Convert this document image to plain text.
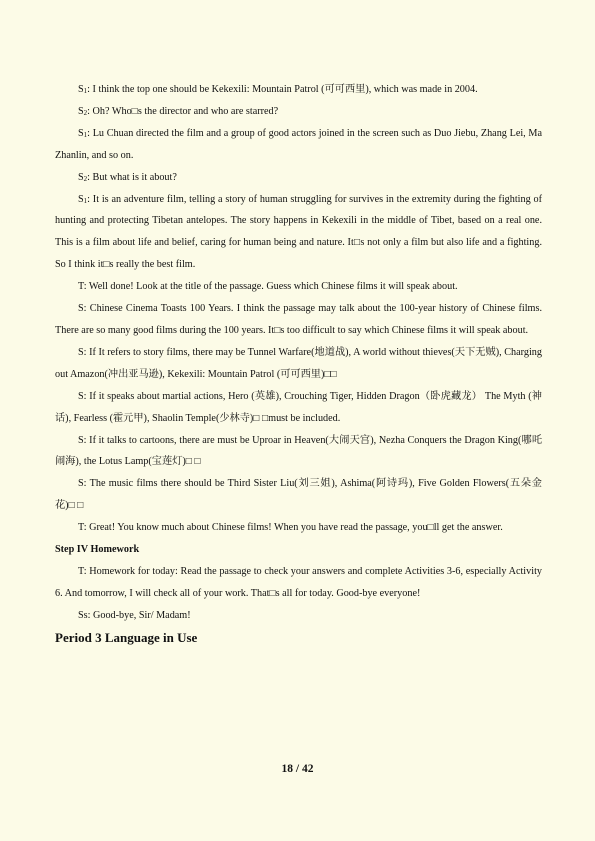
$S_1$: I think the top one should be Kekexili: Mountain Patrol (可可西里), which was made in 2004.

$S_2$: Oh? Who□s the director and who are starred?

$S_1$: Lu Chuan directed the film and a group of good actors joined in the screen such as Duo Jiebu, Zhang Lei, Ma Zhanlin, and so on.

$S_2$: But what is it about?

$S_1$: It is an adventure film, telling a story of human struggling for survives in the extremity during the fighting of hunting and protecting Tibetan antelopes. The story happens in Kekexili in the middle of Tibet, based on a real one. This is a film about life and belief, caring for human being and nature. It□s not only a film but also life and a fighting. So I think it□s really the best film.

T: Well done! Look at the title of the passage. Guess which Chinese films it will speak about.

S: Chinese Cinema Toasts 100 Years. I think the passage may talk about the 100-year history of Chinese films. There are so many good films during the 100 years. It□s too difficult to say which Chinese films it will speak about.

S: If It refers to story films, there may be Tunnel Warfare(地道战), A world without thieves(天下无贼), Charging out Amazon(冲出亚马逊), Kekexili: Mountain Patrol (可可西里)□□

S: If it speaks about martial actions, Hero (英雄), Crouching Tiger, Hidden Dragon（卧虎藏龙） The Myth (神话), Fearless (霍元甲), Shaolin Temple(少林寺)□ □must be included.

S: If it talks to cartoons, there are must be Uproar in Heaven(大闹天宫), Nezha Conquers the Dragon King(哪吒闹海), the Lotus Lamp(宝莲灯)□ □

S: The music films there should be Third Sister Liu(刘三姐), Ashima(阿诗玛), Five Golden Flowers(五朵金花)□ □

T: Great! You know much about Chinese films! When you have read the passage, you□ll get the answer.

Step IV Homework

T: Homework for today: Read the passage to check your answers and complete Activities 3-6, especially Activity 6. And tomorrow, I will check all of your work. That□s all for today. Good-bye everyone!

Ss: Good-bye, Sir/ Madam!

Period 3 Language in Use

18 / 42
